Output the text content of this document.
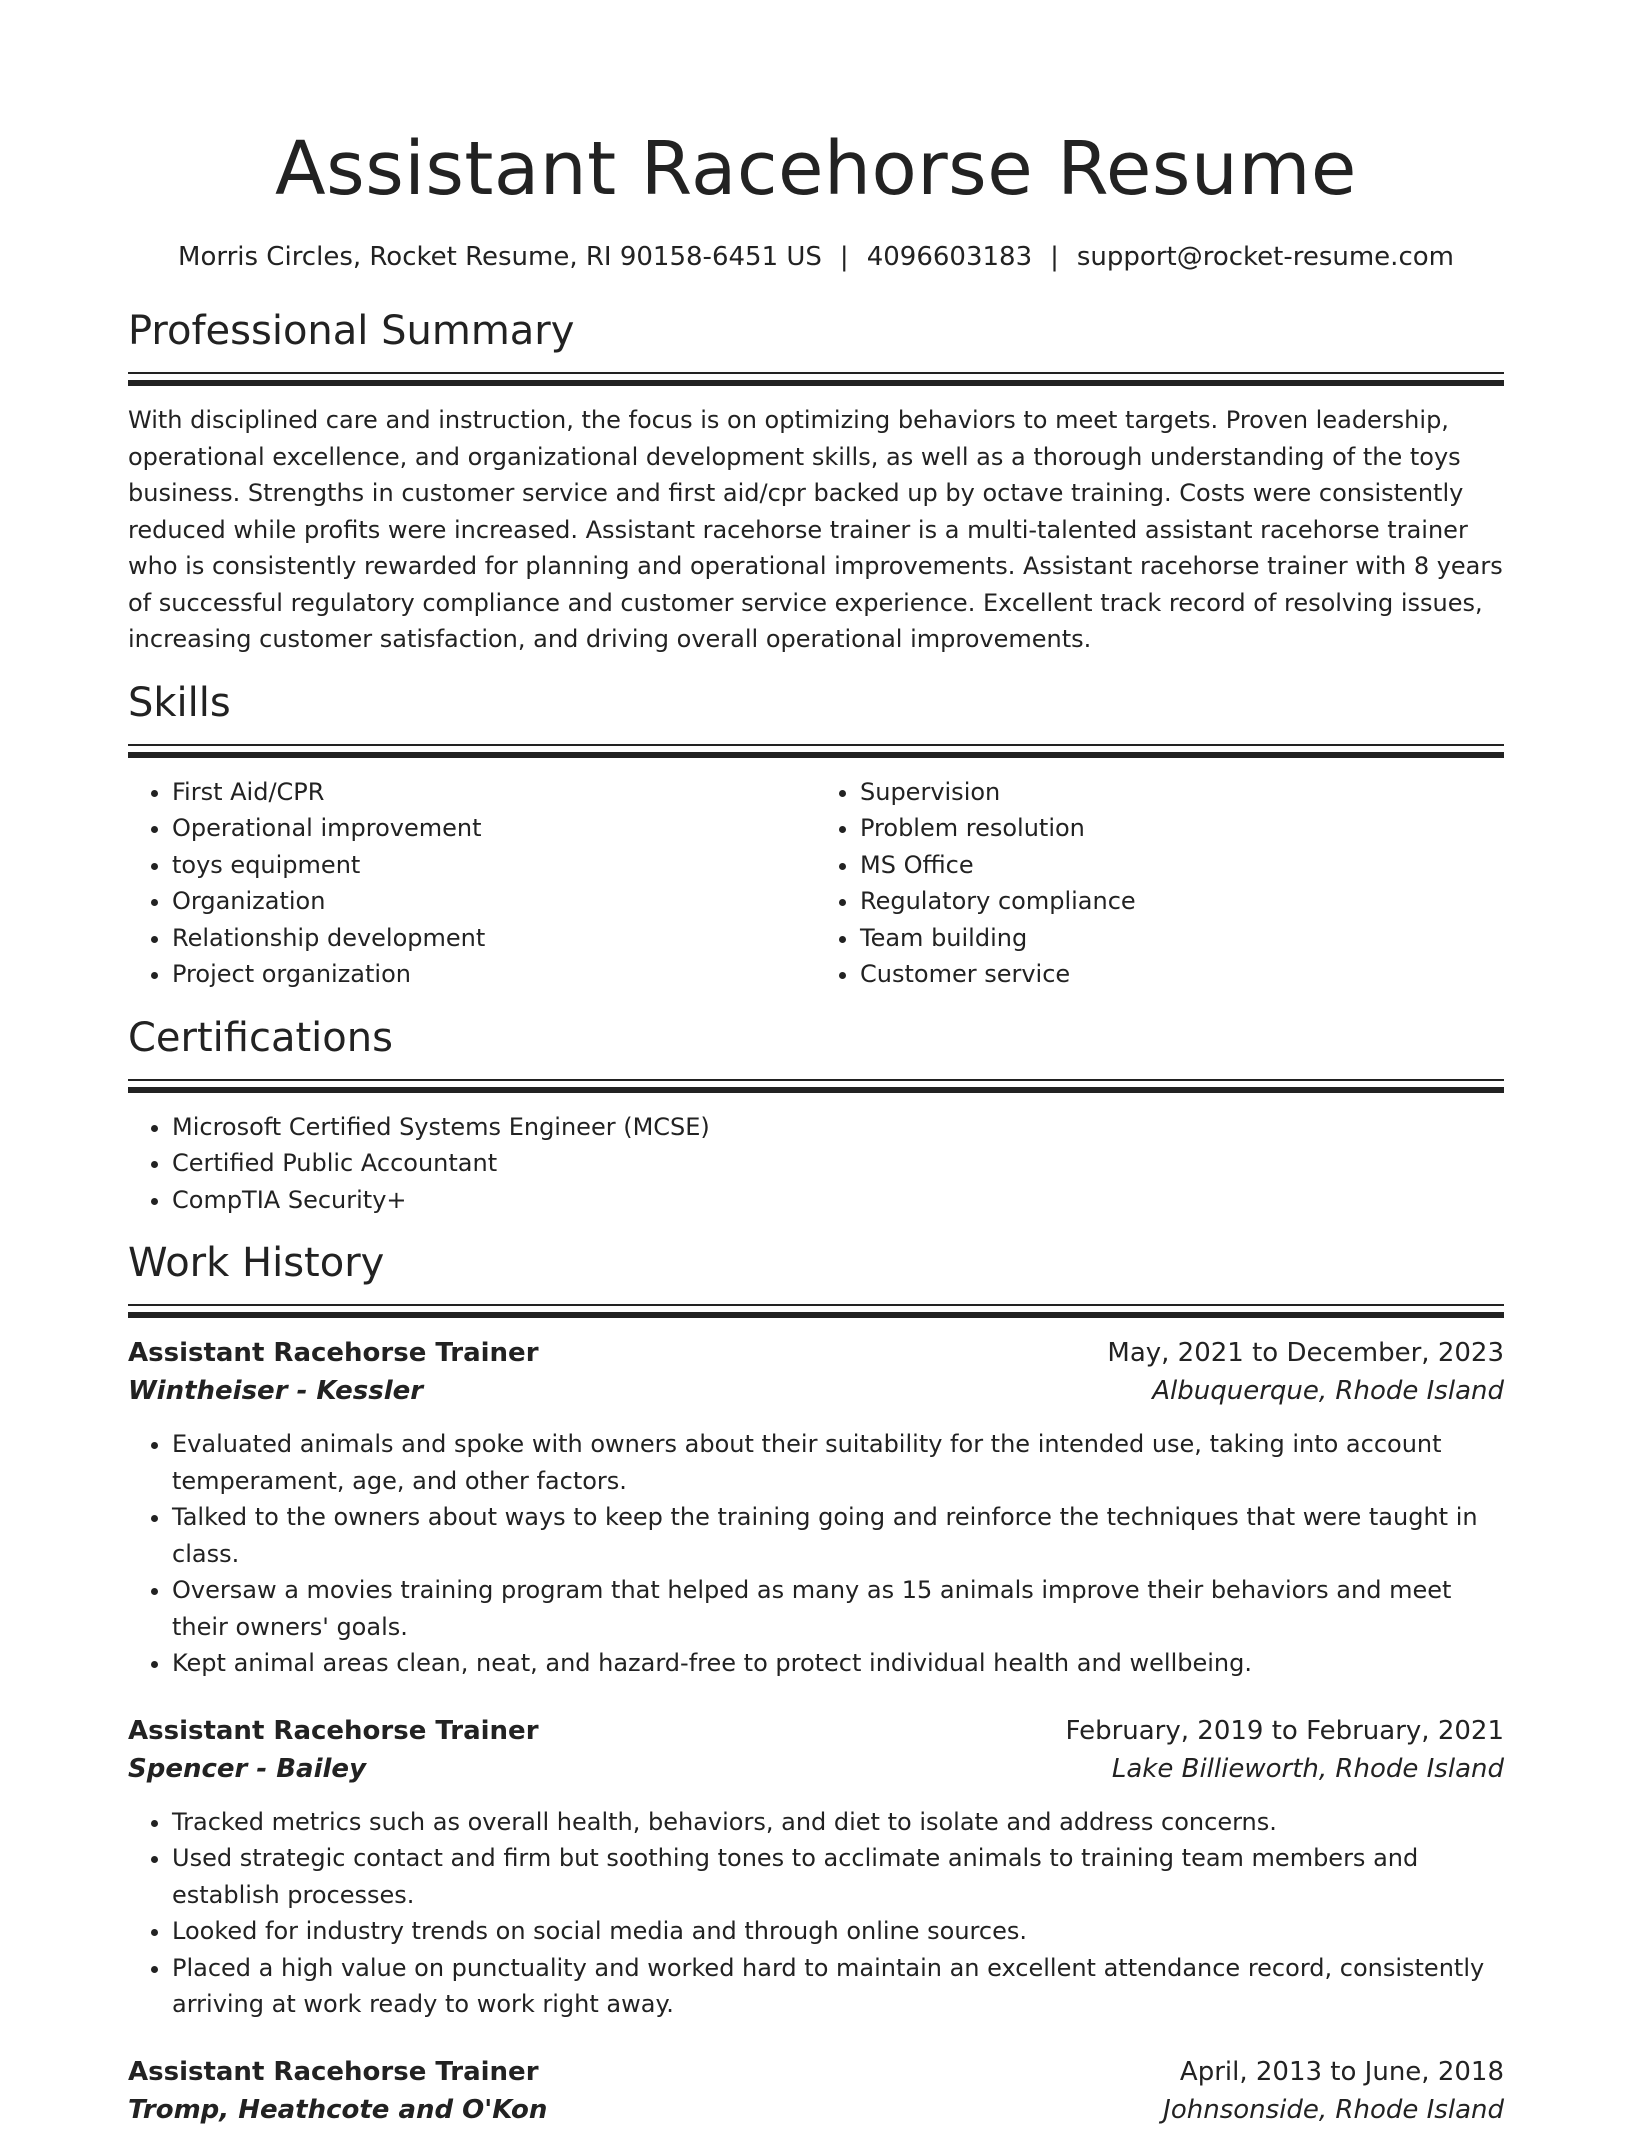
Assistant Racehorse Resume
Morris Circles, Rocket Resume, RI 90158-6451 US | 4096603183 | support@rocket-resume.com
Professional Summary

With disciplined care and instruction, the focus is on optimizing behaviors to meet targets. Proven leadership, operational excellence, and organizational development skills, as well as a thorough understanding of the toys business. Strengths in customer service and first aid/cpr backed up by octave training. Costs were consistently reduced while profits were increased. Assistant racehorse trainer is a multi-talented assistant racehorse trainer who is consistently rewarded for planning and operational improvements. Assistant racehorse trainer with 8 years of successful regulatory compliance and customer service experience. Excellent track record of resolving issues, increasing customer satisfaction, and driving overall operational improvements.

Skills
• First Aid/CPR
• Operational improvement
• toys equipment
• Organization
• Relationship development
• Project organization
• Supervision
• Problem resolution
• MS Office
• Regulatory compliance
• Team building
• Customer service
Certifications
• Microsoft Certified Systems Engineer (MCSE)
• Certified Public Accountant
• CompTIA Security+
Work History
Assistant Racehorse Trainer	May, 2021 to December, 2023
Wintheiser - Kessler	Albuquerque, Rhode Island
• Evaluated animals and spoke with owners about their suitability for the intended use, taking into account temperament, age, and other factors.
• Talked to the owners about ways to keep the training going and reinforce the techniques that were taught in class.
• Oversaw a movies training program that helped as many as 15 animals improve their behaviors and meet their owners' goals.
• Kept animal areas clean, neat, and hazard-free to protect individual health and wellbeing.
Assistant Racehorse Trainer	February, 2019 to February, 2021
Spencer - Bailey	Lake Billieworth, Rhode Island
• Tracked metrics such as overall health, behaviors, and diet to isolate and address concerns.
• Used strategic contact and firm but soothing tones to acclimate animals to training team members and establish processes.
• Looked for industry trends on social media and through online sources.
• Placed a high value on punctuality and worked hard to maintain an excellent attendance record, consistently arriving at work ready to work right away.
Assistant Racehorse Trainer	April, 2013 to June, 2018
Tromp, Heathcote and O'Kon	Johnsonside, Rhode Island
